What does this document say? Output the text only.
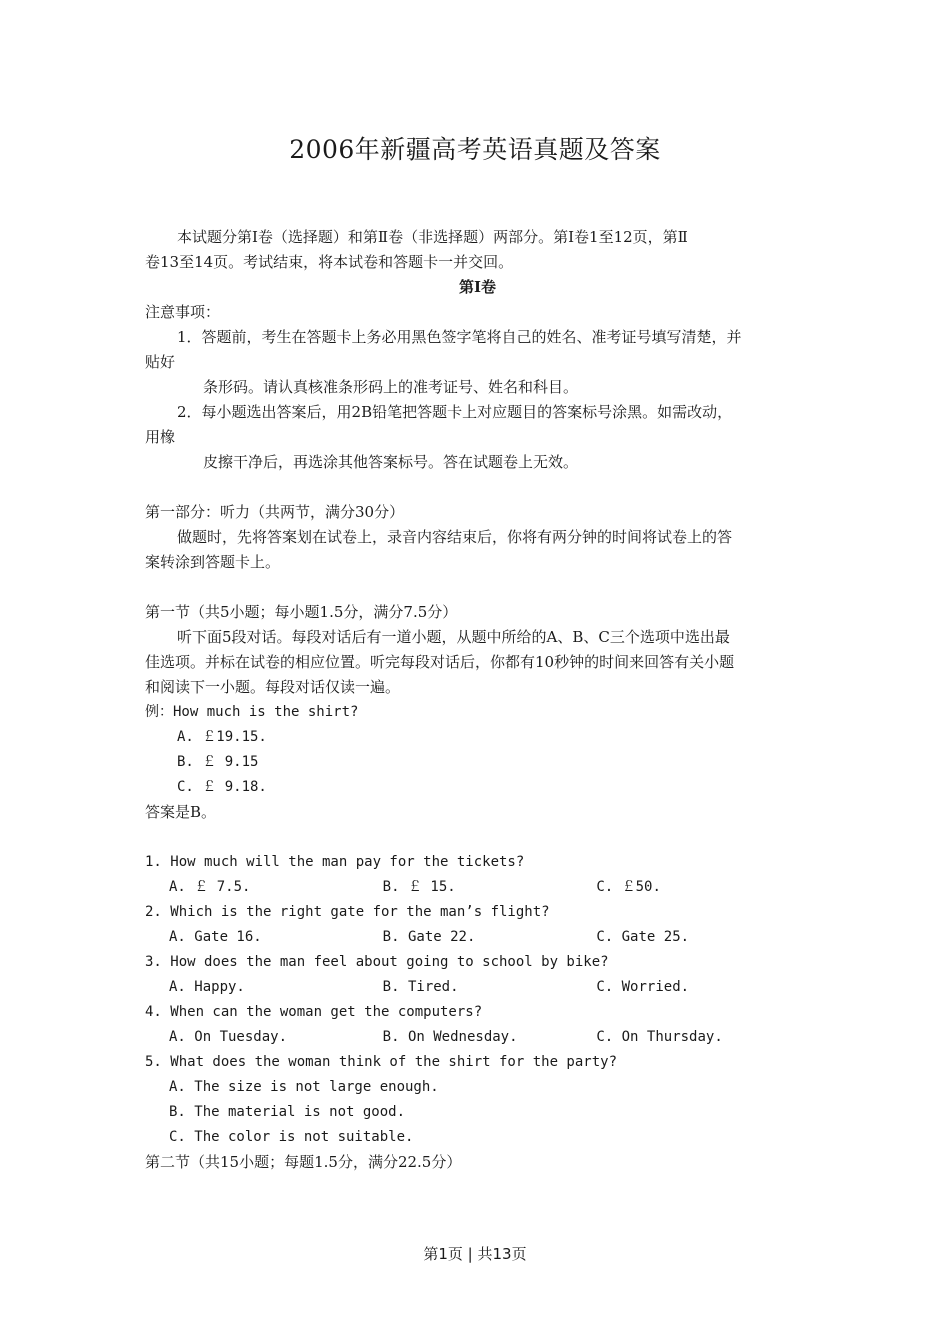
2006年新疆高考英语真题及答案
本试题分第Ⅰ卷（选择题）和第Ⅱ卷（非选择题）两部分。第Ⅰ卷1至12页，第Ⅱ
卷13至14页。考试结束，将本试卷和答题卡一并交回。
第Ⅰ卷
注意事项：
1．答题前，考生在答题卡上务必用黑色签字笔将自己的姓名、准考证号填写清楚，并
贴好
条形码。请认真核准条形码上的准考证号、姓名和科目。
2．每小题选出答案后，用2B铅笔把答题卡上对应题目的答案标号涂黑。如需改动，
用橡
皮擦干净后，再选涂其他答案标号。答在试题卷上无效。
第一部分：听力（共两节，满分30分）
做题时，先将答案划在试卷上，录音内容结束后，你将有两分钟的时间将试卷上的答
案转涂到答题卡上。
第一节（共5小题；每小题1.5分，满分7.5分）
听下面5段对话。每段对话后有一道小题，从题中所给的A、B、C三个选项中选出最
佳选项。并标在试卷的相应位置。听完每段对话后，你都有10秒钟的时间来回答有关小题
和阅读下一小题。每段对话仅读一遍。
例：How much is the shirt?
A. ￡19.15.
B. ￡ 9.15
C. ￡ 9.18.
答案是B。
1. How much will the man pay for the tickets?
A. ￡ 7.5.	B. ￡ 15.	C. ￡50.
2. Which is the right gate for the man’s flight?
A. Gate 16.	B. Gate 22.	C. Gate 25.
3. How does the man feel about going to school by bike?
A. Happy.	B. Tired.	C. Worried.
4. When can the woman get the computers?
A. On Tuesday.	B. On Wednesday.	C. On Thursday.
5. What does the woman think of the shirt for the party?
A. The size is not large enough.
B. The material is not good.
C. The color is not suitable.
第二节（共15小题；每题1.5分，满分22.5分）
第1页 | 共13页
